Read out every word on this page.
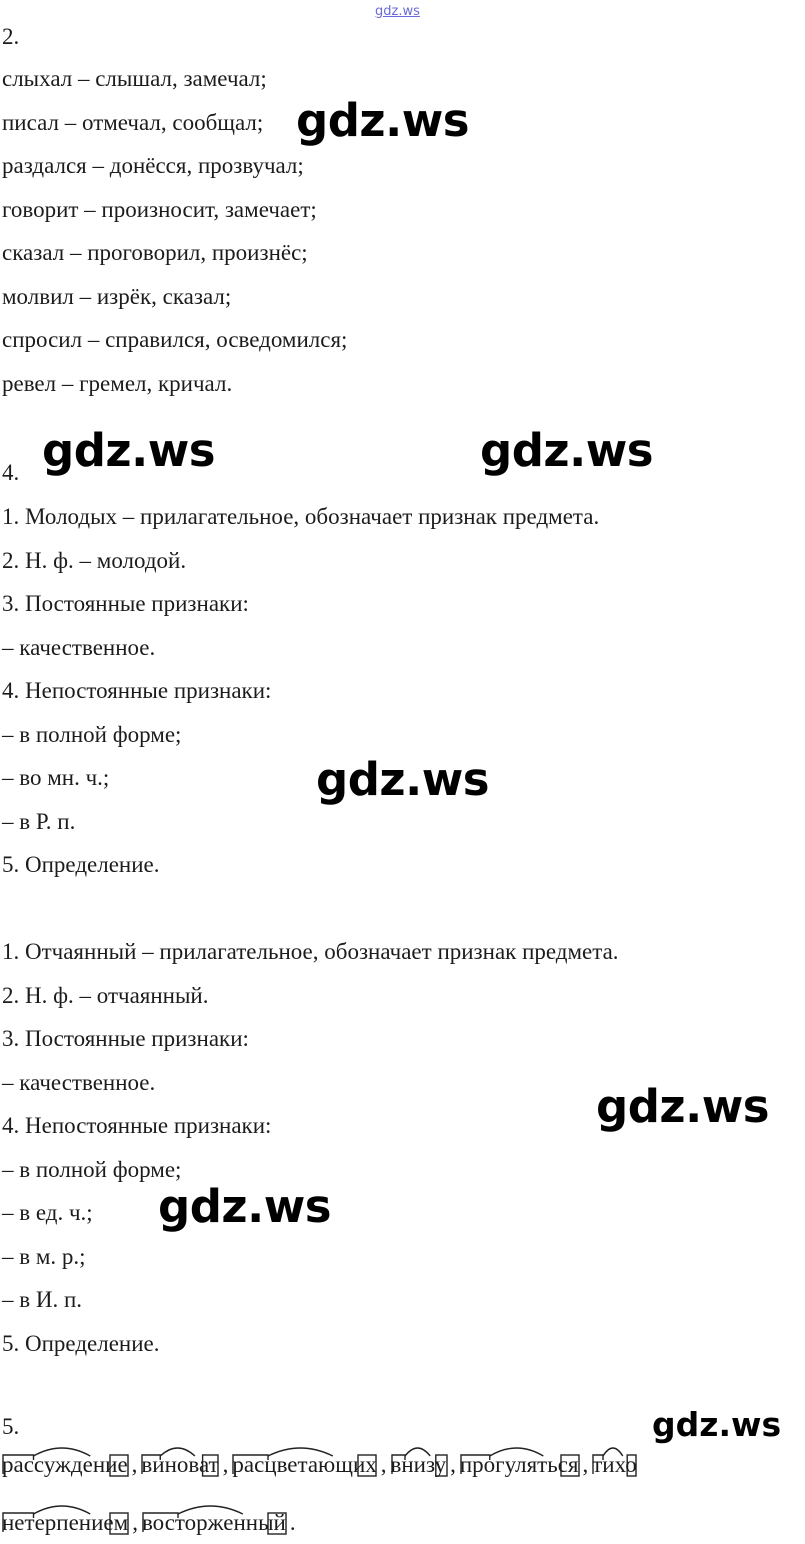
gdz.ws
2.
слыхал – слышал, замечал;
писал – отмечал, сообщал;
раздался – донёсся, прозвучал;
говорит – произносит, замечает;
сказал – проговорил, произнёс;
молвил – изрёк, сказал;
спросил – справился, осведомился;
ревел – гремел, кричал.
4.
1. Молодых – прилагательное, обозначает признак предмета.
2. Н. ф. – молодой.
3. Постоянные признаки:
– качественное.
4. Непостоянные признаки:
– в полной форме;
– во мн. ч.;
– в Р. п.
5. Определение.
1. Отчаянный – прилагательное, обозначает признак предмета.
2. Н. ф. – отчаянный.
3. Постоянные признаки:
– качественное.
4. Непостоянные признаки:
– в полной форме;
– в ед. ч.;
– в м. р.;
– в И. п.
5. Определение.
5.
рассуждение , виноват , расцветающих , внизу , прогуляться , тихо
нетерпением , восторженный .
gdz.ws
gdz.ws	gdz.ws
gdz.ws
gdz.ws
gdz.ws
gdz.ws
